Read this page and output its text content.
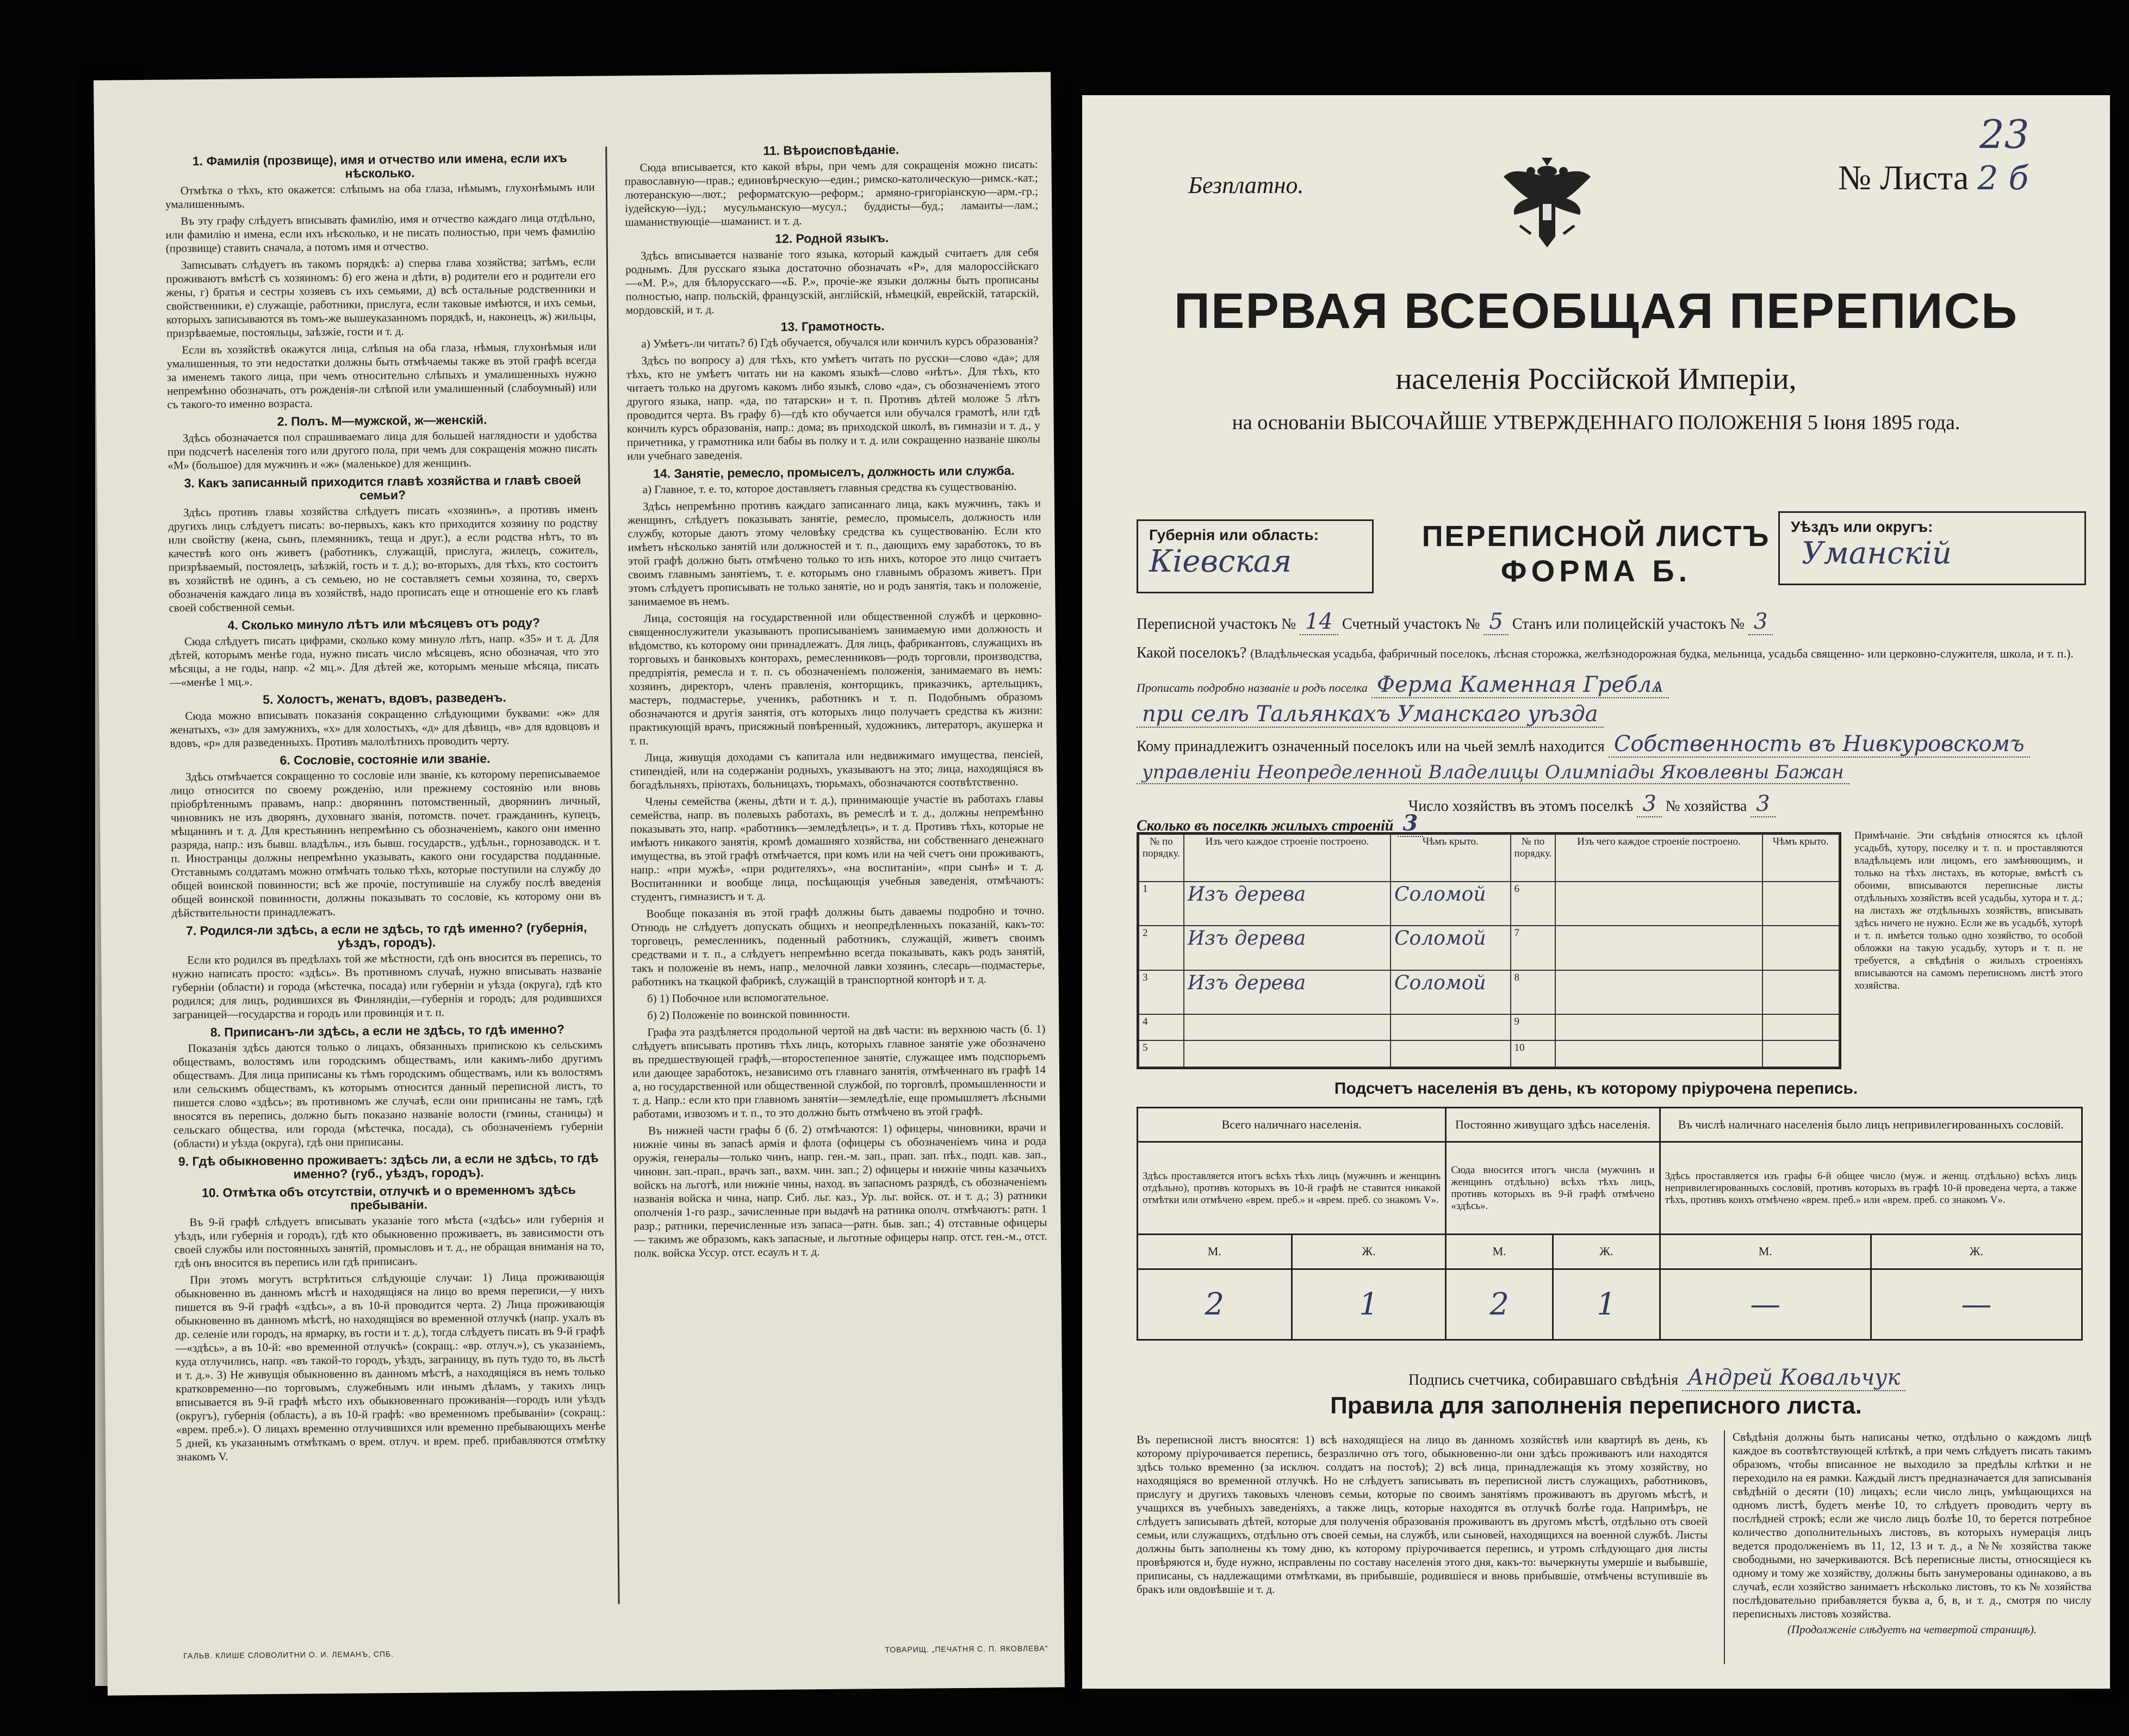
1. Фамилія (прозвище), имя и отчество или имена, если ихъ нѣсколько.

Отмѣтка о тѣхъ, кто окажется: слѣпымъ на оба глаза, нѣмымъ, глухонѣмымъ или умалишеннымъ.

Въ эту графу слѣдуетъ вписывать фамилію, имя и отчество каждаго лица отдѣльно, или фамилію и имена, если ихъ нѣсколько, и не писать полностью, при чемъ фамилію (прозвище) ставить сначала, а потомъ имя и отчество.

Записывать слѣдуетъ въ такомъ порядкѣ: а) сперва глава хозяйства; затѣмъ, если проживаютъ вмѣстѣ съ хозяиномъ: б) его жена и дѣти, в) родители его и родители его жены, г) братья и сестры хозяевъ съ ихъ семьями, д) всѣ остальные родственники и свойственники, е) служащіе, работники, прислуга, если таковые имѣются, и ихъ семьи, которыхъ записываются въ томъ-же вышеуказанномъ порядкѣ, и, наконецъ, ж) жильцы, призрѣваемые, постояльцы, заѣзжіе, гости и т. д.

Если въ хозяйствѣ окажутся лица, слѣпыя на оба глаза, нѣмыя, глухонѣмыя или умалишенныя, то эти недостатки должны быть отмѣчаемы также въ этой графѣ всегда за именемъ такого лица, при чемъ относительно слѣпыхъ и умалишенныхъ нужно непремѣнно обозначать, отъ рожденія-ли слѣпой или умалишенный (слабоумный) или съ такого-то именно возраста.

2. Полъ. М—мужской, ж—женскій.

Здѣсь обозначается пол спрашиваемаго лица для большей наглядности и удобства при подсчетѣ населенія того или другого пола, при чемъ для сокращенія можно писать «М» (большое) для мужчинъ и «ж» (маленькое) для женщинъ.

3. Какъ записанный приходится главѣ хозяйства и главѣ своей семьи?

Здѣсь противъ главы хозяйства слѣдуетъ писать «хозяинъ», а противъ именъ другихъ лицъ слѣдуетъ писать: во-первыхъ, какъ кто приходится хозяину по родству или свойству (жена, сынъ, племянникъ, теща и друг.), а если родства нѣтъ, то въ качествѣ кого онъ живетъ (работникъ, служащій, прислуга, жилецъ, сожитель, призрѣваемый, постоялецъ, заѣзжій, гость и т. д.); во-вторыхъ, для тѣхъ, кто состоитъ въ хозяйствѣ не одинъ, а съ семьею, но не составляетъ семьи хозяина, то, сверхъ обозначенія каждаго лица въ хозяйствѣ, надо прописать еще и отношеніе его къ главѣ своей собственной семьи.

4. Сколько минуло лѣтъ или мѣсяцевъ отъ роду?

Сюда слѣдуетъ писать цифрами, сколько кому минуло лѣтъ, напр. «35» и т. д. Для дѣтей, которымъ менѣе года, нужно писать число мѣсяцевъ, ясно обозначая, что это мѣсяцы, а не годы, напр. «2 мц.». Для дѣтей же, которымъ меньше мѣсяца, писать—«менѣе 1 мц.».

5. Холостъ, женатъ, вдовъ, разведенъ.

Сюда можно вписывать показанія сокращенно слѣдующими буквами: «ж» для женатыхъ, «з» для замужнихъ, «х» для холостыхъ, «д» для дѣвицъ, «в» для вдовцовъ и вдовъ, «р» для разведенныхъ. Противъ малолѣтнихъ проводить черту.

6. Сословіе, состояніе или званіе.

Здѣсь отмѣчается сокращенно то сословіе или званіе, къ которому переписываемое лицо относится по своему рожденію, или прежнему состоянію или вновь пріобрѣтеннымъ правамъ, напр.: дворянинъ потомственный, дворянинъ личный, чиновникъ не изъ дворянъ, духовнаго званія, потомств. почет. гражданинъ, купецъ, мѣщанинъ и т. д. Для крестьянинъ непремѣнно съ обозначеніемъ, какого они именно разряда, напр.: изъ бывш. владѣльч., изъ бывш. государств., удѣльн., горнозаводск. и т. п. Иностранцы должны непремѣнно указывать, какого они государства подданные. Отставнымъ солдатамъ можно отмѣчать только тѣхъ, которые поступили на службу до общей воинской повинности; всѣ же прочіе, поступившіе на службу послѣ введенія общей воинской повинности, должны показывать то сословіе, къ которому они въ дѣйствительности принадлежатъ.

7. Родился-ли здѣсь, а если не здѣсь, то гдѣ именно? (губернія, уѣздъ, городъ).

Если кто родился въ предѣлахъ той же мѣстности, гдѣ онъ вносится въ перепись, то нужно написать просто: «здѣсь». Въ противномъ случаѣ, нужно вписывать названіе губерніи (области) и города (мѣстечка, посада) или губерніи и уѣзда (округа), гдѣ кто родился; для лицъ, родившихся въ Финляндіи,—губернія и городъ; для родившихся заграницей—государства и городъ или провинція и т. п.

8. Приписанъ-ли здѣсь, а если не здѣсь, то гдѣ именно?

Показанія здѣсь даются только о лицахъ, обязанныхъ припискою къ сельскимъ обществамъ, волостямъ или городскимъ обществамъ, или какимъ-либо другимъ обществамъ. Для лица приписаны къ тѣмъ городскимъ обществамъ, или къ волостямъ или сельскимъ обществамъ, къ которымъ относится данный переписной листъ, то пишется слово «здѣсь»; въ противномъ же случаѣ, если они приписаны не тамъ, гдѣ вносятся въ перепись, должно быть показано названіе волости (гмины, станицы) и сельскаго общества, или города (мѣстечка, посада), съ обозначеніемъ губерніи (области) и уѣзда (округа), гдѣ они приписаны.

9. Гдѣ обыкновенно проживаетъ: здѣсь ли, а если не здѣсь, то гдѣ именно? (губ., уѣздъ, городъ).
10. Отмѣтка объ отсутствіи, отлучкѣ и о временномъ здѣсь пребываніи.

Въ 9-й графѣ слѣдуетъ вписывать указаніе того мѣста («здѣсь» или губернія и уѣздъ, или губернія и городъ), гдѣ кто обыкновенно проживаетъ, въ зависимости отъ своей службы или постоянныхъ занятій, промысловъ и т. д., не обращая вниманія на то, гдѣ онъ вносится въ перепись или гдѣ приписанъ.

При этомъ могутъ встрѣтиться слѣдующіе случаи: 1) Лица проживающія обыкновенно въ данномъ мѣстѣ и находящіяся на лицо во время переписи,—у нихъ пишется въ 9-й графѣ «здѣсь», а въ 10-й проводится черта. 2) Лица проживающія обыкновенно въ данномъ мѣстѣ, но находящіяся во временной отлучкѣ (напр. ухалъ въ др. селеніе или городъ, на ярмарку, въ гости и т. д.), тогда слѣдуетъ писать въ 9-й графѣ—«здѣсь», а въ 10-й: «во временной отлучкѣ» (сокращ.: «вр. отлуч.»), съ указаніемъ, куда отлучились, напр. «въ такой-то городъ, уѣздъ, заграницу, въ путь тудо то, въ льстѣ и т. д.». 3) Не живущія обыкновенно въ данномъ мѣстѣ, а находящіяся въ немъ только кратковременно—по торговымъ, служебнымъ или инымъ дѣламъ, у такихъ лицъ вписывается въ 9-й графѣ мѣсто ихъ обыкновеннаго проживанія—городъ или уѣздъ (округъ), губернія (область), а въ 10-й графѣ: «во временномъ пребываніи» (сокращ.: «врем. преб.»). О лицахъ временно отлучившихся или временно пребывающихъ менѣе 5 дней, къ указаннымъ отмѣткамъ о врем. отлуч. и врем. преб. прибавляются отмѣтку знакомъ V.

11. Вѣроисповѣданіе.

Сюда вписывается, кто какой вѣры, при чемъ для сокращенія можно писать: православную—прав.; единовѣрческую—един.; римско-католическую—римск.-кат.; лютеранскую—лют.; реформатскую—реформ.; армяно-григоріанскую—арм.-гр.; іудейскую—іуд.; мусульманскую—мусул.; буддисты—буд.; ламаиты—лам.; шаманиствующіе—шаманист. и т. д.

12. Родной языкъ.

Здѣсь вписывается названіе того языка, который каждый считаетъ для себя роднымъ. Для русскаго языка достаточно обозначать «Р», для малороссійскаго—«М. Р.», для бѣлорусскаго—«Б. Р.», прочіе-же языки должны быть прописаны полностью, напр. польскій, французскій, англійскій, нѣмецкій, еврейскій, татарскій, мордовскій, и т. д.

13. Грамотность.

а) Умѣетъ-ли читать? б) Гдѣ обучается, обучался или кончилъ курсъ образованія?

Здѣсь по вопросу а) для тѣхъ, кто умѣетъ читать по русски—слово «да»; для тѣхъ, кто не умѣетъ читать ни на какомъ языкѣ—слово «нѣтъ». Для тѣхъ, кто читаетъ только на другомъ какомъ либо языкѣ, слово «да», съ обозначеніемъ этого другого языка, напр. «да, по татарски» и т. п. Противъ дѣтей моложе 5 лѣтъ проводится черта. Въ графу б)—гдѣ кто обучается или обучался грамотѣ, или гдѣ кончилъ курсъ образованія, напр.: дома; въ приходской школѣ, въ гимназіи и т. д., у причетника, у грамотника или бабы въ полку и т. д. или сокращенно названіе школы или учебнаго заведенія.

14. Занятіе, ремесло, промыселъ, должность или служба.

а) Главное, т. е. то, которое доставляетъ главныя средства къ существованію.

Здѣсь непремѣнно противъ каждаго записаннаго лица, какъ мужчинъ, такъ и женщинъ, слѣдуетъ показывать занятіе, ремесло, промыселъ, должность или службу, которые даютъ этому человѣку средства къ существованію. Если кто имѣетъ нѣсколько занятій или должностей и т. п., дающихъ ему заработокъ, то въ этой графѣ должно быть отмѣчено только то изъ нихъ, которое это лицо считаетъ своимъ главнымъ занятіемъ, т. е. которымъ оно главнымъ образомъ живетъ. При этомъ слѣдуетъ прописывать не только занятіе, но и родъ занятія, такъ и положеніе, занимаемое въ немъ.

Лица, состоящія на государственной или общественной службѣ и церковно-священнослужители указываютъ прописываніемъ занимаемую ими должность и вѣдомство, къ которому они принадлежатъ. Для лицъ, фабрикантовъ, служащихъ въ торговыхъ и банковыхъ конторахъ, ремесленниковъ—родъ торговли, производства, предпріятія, ремесла и т. п. съ обозначеніемъ положенія, занимаемаго въ немъ: хозяинъ, директоръ, членъ правленія, конторщикъ, приказчикъ, артельщикъ, мастеръ, подмастерье, ученикъ, работникъ и т. п. Подобнымъ образомъ обозначаются и другія занятія, отъ которыхъ лицо получаетъ средства къ жизни: практикующій врачъ, присяжный повѣренный, художникъ, литераторъ, акушерка и т. п.

Лица, живущія доходами съ капитала или недвижимаго имущества, пенсіей, стипендіей, или на содержаніи родныхъ, указываютъ на это; лица, находящіяся въ богадѣльняхъ, пріютахъ, больницахъ, тюрьмахъ, обозначаются соотвѣтственно.

Члены семейства (жены, дѣти и т. д.), принимающіе участіе въ работахъ главы семейства, напр. въ полевыхъ работахъ, въ ремеслѣ и т. д., должны непремѣнно показывать это, напр. «работникъ—земледѣлецъ», и т. д. Противъ тѣхъ, которые не имѣютъ никакого занятія, кромѣ домашняго хозяйства, ни собственнаго денежнаго имущества, въ этой графѣ отмѣчается, при комъ или на чей счетъ они проживаютъ, напр.: «при мужѣ», «при родителяхъ», «на воспитаніи», «при сынѣ» и т. д. Воспитанники и вообще лица, посѣщающія учебныя заведенія, отмѣчаютъ: студентъ, гимназистъ и т. д.

Вообще показанія въ этой графѣ должны быть даваемы подробно и точно. Отнюдь не слѣдуетъ допускать общихъ и неопредѣленныхъ показаній, какъ-то: торговецъ, ремесленникъ, поденный работникъ, служащій, живетъ своимъ средствами и т. п., а слѣдуетъ непремѣнно всегда показывать, какъ родъ занятій, такъ и положеніе въ немъ, напр., мелочной лавки хозяинъ, слесарь—подмастерье, работникъ на ткацкой фабрикѣ, служащій в транспортной конторѣ и т. д.

б) 1) Побочное или вспомогательное.

б) 2) Положеніе по воинской повинности.

Графа эта раздѣляется продольной чертой на двѣ части: въ верхнюю часть (б. 1) слѣдуетъ вписывать противъ тѣхъ лицъ, которыхъ главное занятіе уже обозначено въ предшествующей графѣ,—второстепенное занятіе, служащее имъ подспорьемъ или дающее заработокъ, независимо отъ главнаго занятія, отмѣченнаго въ графѣ 14 а, но государственной или общественной службой, по торговлѣ, промышленности и т. д. Напр.: если кто при главномъ занятіи—земледѣліе, еще промышляетъ лѣсными работами, извозомъ и т. п., то это должно быть отмѣчено въ этой графѣ.

Въ нижней части графы б (б. 2) отмѣчаются: 1) офицеры, чиновники, врачи и нижніе чины въ запасѣ армія и флота (офицеры съ обозначеніемъ чина и рода оружія, генералы—только чинъ, напр. ген.-м. зап., прап. зап. пѣх., подп. кав. зап., чиновн. зап.-прап., врачъ зап., вахм. чин. зап.; 2) офицеры и нижніе чины казачьихъ войскъ на льготѣ, или нижніе чины, наход. въ запасномъ разрядѣ, съ обозначеніемъ названія войска и чина, напр. Сиб. льг. каз., Ур. льг. войск. от. и т. д.; 3) ратники ополченія 1-го разр., зачисленные при выдачѣ на ратника ополч. отмѣчаютъ: ратн. 1 разр.; ратники, перечисленные изъ запаса—ратн. быв. зап.; 4) отставные офицеры — такимъ же образомъ, какъ запасные, и льготные офицеры напр. отст. ген.-м., отст. полк. войска Уссур. отст. есаулъ и т. д.

ГАЛЬВ. КЛИШЕ СЛОВОЛИТНИ О. И. ЛЕМАНЪ, СПБ.
ТОВАРИЩ. „ПЕЧАТНЯ С. П. ЯКОВЛЕВА"
Безплатно.
23
№ Листа 2 б
ПЕРВАЯ ВСЕОБЩАЯ ПЕРЕПИСЬ
населенія Россійской Имперіи,
на основаніи ВЫСОЧАЙШЕ УТВЕРЖДЕННАГО ПОЛОЖЕНІЯ 5 Іюня 1895 года.
Губернія или область:
Кіевская
ПЕРЕПИСНОЙ ЛИСТЪ
ФОРМА Б.
Уѣздъ или округъ:
Уманскій
Переписной участокъ № 14 Счетный участокъ № 5 Станъ или полицейскій участокъ № 3
Какой поселокъ? (Владѣльческая усадьба, фабричный поселокъ, лѣсная сторожка, желѣзнодорожная будка, мельница, усадьба священно- или церковно-служителя, школа, и т. п.).
Прописать подробно названіе и родъ поселка Ферма Каменная Греблѧ
при селѣ Тальянкахъ Уманскаго уѣзда
Кому принадлежитъ означенный поселокъ или на чьей землѣ находится Собственность въ Нивкуровскомъ
управленіи Неопределенной Владелицы Олимпіады Яковлевны Бажан
Число хозяйствъ въ этомъ поселкѣ 3 № хозяйства 3
Сколько въ поселкѣ жилыхъ строеній 3
№ по порядку.	Изъ чего каждое строеніе построено.	Чѣмъ крыто.	№ по порядку.	Изъ чего каждое строеніе построено.	Чѣмъ крыто.
1	Изъ дерева	Соломой	6		
2	Изъ дерева	Соломой	7		
3	Изъ дерева	Соломой	8		
4			9		
5			10		
Примѣчаніе. Эти свѣдѣнія относятся къ цѣлой усадьбѣ, хутору, поселку и т. п. и проставляются владѣльцемъ или лицомъ, его замѣняющимъ, и только на тѣхъ листахъ, въ которые, вмѣстѣ съ обоими, вписываются переписные листы отдѣльныхъ хозяйствъ всей усадьбы, хутора и т. д.; на листахъ же отдѣльныхъ хозяйствъ, вписывать здѣсь ничего не нужно. Если же въ усадьбѣ, хуторѣ и т. п. имѣется только одно хозяйство, то особой обложки на такую усадьбу, хуторъ и т. п. не требуется, а свѣдѣнія о жилыхъ строеніяхъ вписываются на самомъ переписномъ листѣ этого хозяйства.
Подсчетъ населенія въ день, къ которому пріурочена перепись.
Всего наличнаго населенія.		Постоянно живущаго здѣсь населенія.		Въ числѣ наличнаго населенія было лицъ непривилегированныхъ сословій.	
Здѣсь проставляется итогъ всѣхъ тѣхъ лицъ (мужчинъ и женщинъ отдѣльно), противъ которыхъ въ 10-й графѣ не ставится никакой отмѣтки или отмѣчено «врем. преб.» и «врем. преб. со знакомъ V».		Сюда вносится итогъ числа (мужчинъ и женщинъ отдѣльно) всѣхъ тѣхъ лицъ, противъ которыхъ въ 9-й графѣ отмѣчено «здѣсь».		Здѣсь проставляется изъ графы 6-й общее число (муж. и женщ. отдѣльно) всѣхъ лицъ непривилегированныхъ сословій, противъ которыхъ въ графѣ 10-й проведена черта, а также тѣхъ, противъ коихъ отмѣчено «врем. преб.» или «врем. преб. со знакомъ V».	
М.	Ж.	М.	Ж.	М.	Ж.
2	1	2	1	—	—
Подпись счетчика, собиравшаго свѣдѣнія Андрей Ковальчук
Правила для заполненія переписного листа.
Въ переписной листъ вносятся: 1) всѣ находящіеся на лицо въ данномъ хозяйствѣ или квартирѣ въ день, къ которому пріурочивается перепись, безразлично отъ того, обыкновенно-ли они здѣсь проживаютъ или находятся здѣсь только временно (за исключ. солдатъ на постоѣ); 2) всѣ лица, принадлежащія къ этому хозяйству, но находящіяся во временной отлучкѣ. Но не слѣдуетъ записывать въ переписной листъ служащихъ, работниковъ, прислугу и другихъ таковыхъ членовъ семьи, которые по своимъ занятіямъ проживаютъ въ другомъ мѣстѣ, и учащихся въ учебныхъ заведеніяхъ, а также лицъ, которые находятся въ отлучкѣ болѣе года. Напримѣръ, не слѣдуетъ записывать дѣтей, которые для полученія образованія проживаютъ въ другомъ мѣстѣ, отдѣльно отъ своей семьи, или служащихъ, отдѣльно отъ своей семьи, на службѣ, или сыновей, находящихся на военной службѣ. Листы должны быть заполнены къ тому дню, къ которому пріурочивается перепись, и утромъ слѣдующаго дня листы провѣряются и, буде нужно, исправлены по составу населенія этого дня, какъ-то: вычеркнуты умершіе и выбывшіе, приписаны, съ надлежащими отмѣтками, въ прибывшіе, родившіеся и вновь прибывшіе, отмѣчены вступившіе въ бракъ или овдовѣвшіе и т. д.
Свѣдѣнія должны быть написаны четко, отдѣльно о каждомъ лицѣ каждое въ соотвѣтствующей клѣткѣ, а при чемъ слѣдуетъ писать такимъ образомъ, чтобы вписанное не выходило за предѣлы клѣтки и не переходило на ея рамки. Каждый листъ предназначается для записыванія свѣдѣній о десяти (10) лицахъ; если число лицъ, умѣщающихся на одномъ листѣ, будетъ менѣе 10, то слѣдуетъ проводить черту въ послѣдней строкѣ; если же число лицъ болѣе 10, то берется потребное количество дополнительныхъ листовъ, въ которыхъ нумерація лицъ ведется продолженіемъ въ 11, 12, 13 и т. д., а №№ хозяйства также свободными, но зачеркиваются. Всѣ переписные листы, относящіеся къ одному и тому же хозяйству, должны быть занумерованы одинаково, а въ случаѣ, если хозяйство занимаетъ нѣсколько листовъ, то къ № хозяйства послѣдовательно прибавляется буква а, б, в, и т. д., смотря по числу переписныхъ листовъ хозяйства.
(Продолженіе слѣдуетъ на четвертой страницѣ).
